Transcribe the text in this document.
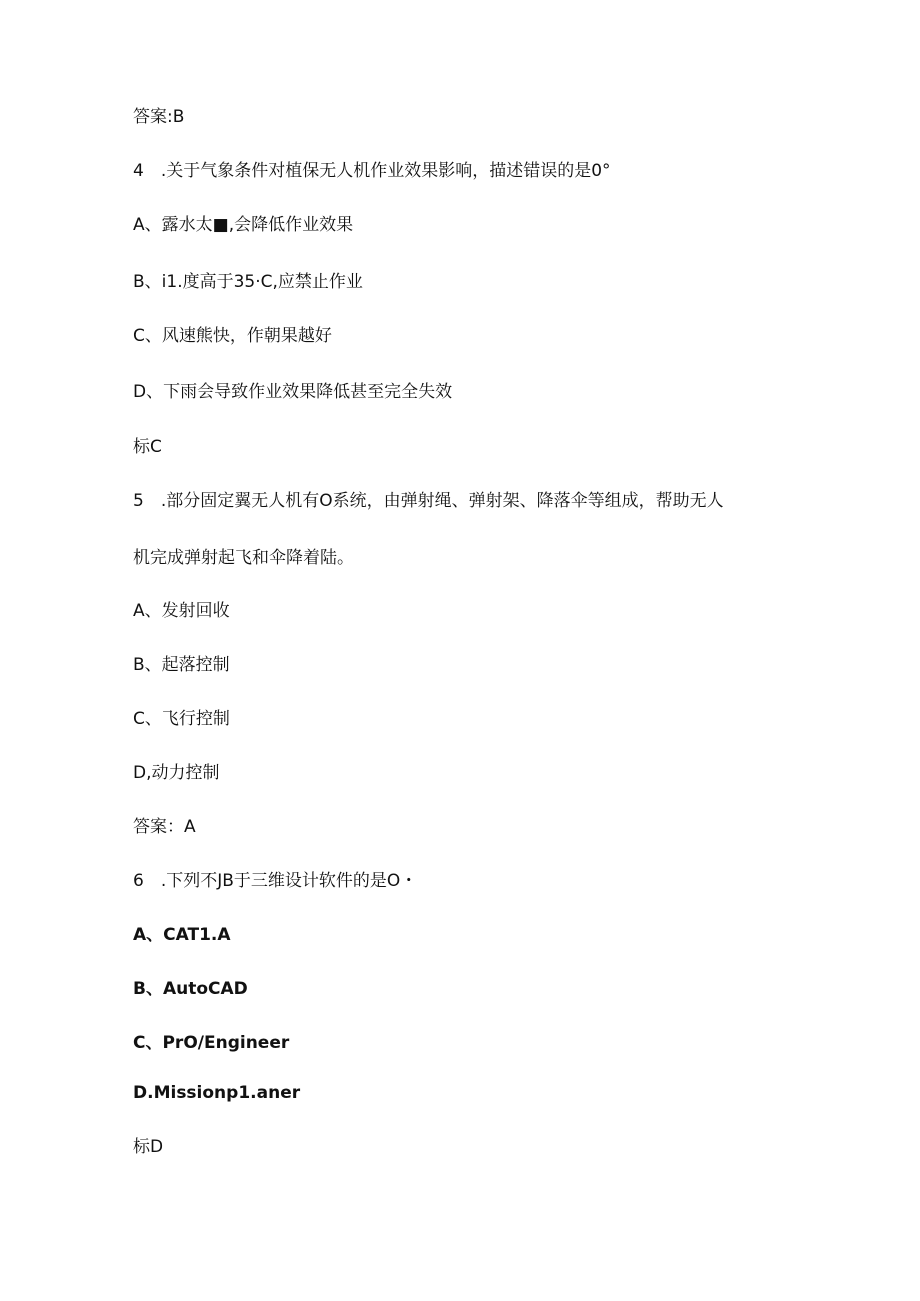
答案:B
4　.关于气象条件对植保无人机作业效果影响，描述错误的是0°
A、露水太■,会降低作业效果
B、i1.度高于35·C,应禁止作业
C、风速熊快，作朝果越好
D、下雨会导致作业效果降低甚至完全失效
标C
5　.部分固定翼无人机有O系统，由弹射绳、弹射架、降落伞等组成，帮助无人
机完成弹射起飞和伞降着陆。
A、发射回收
B、起落控制
C、飞行控制
D,动力控制
答案：A
6　.下列不JB于三维设计软件的是O・
A、CAT1.A
B、AutoCAD
C、PrO/Engineer
D.Missionp1.aner
标D
